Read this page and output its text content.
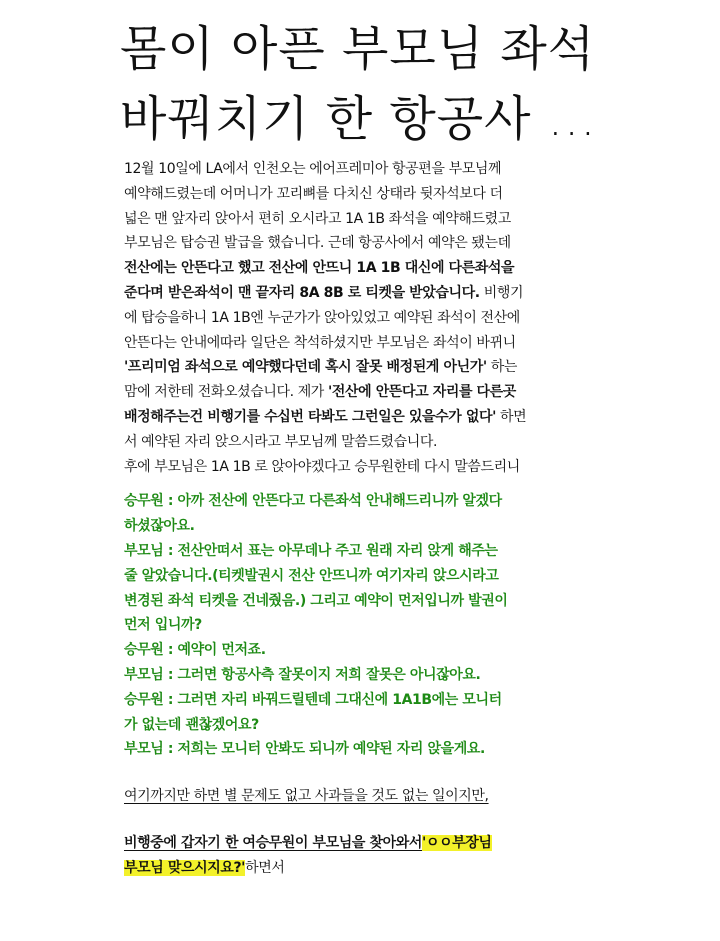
몸이 아픈 부모님 좌석
바꿔치기 한 항공사 ...
12월 10일에 LA에서 인천오는 에어프레미아 항공편을 부모님께
예약해드렸는데 어머니가 꼬리뼈를 다치신 상태라 뒷자석보다 더
넓은 맨 앞자리 앉아서 편히 오시라고 1A 1B 좌석을 예약해드렸고
부모님은 탑승권 발급을 했습니다. 근데 항공사에서 예약은 됐는데
전산에는 안뜬다고 했고 전산에 안뜨니 1A 1B 대신에 다른좌석을
준다며 받은좌석이 맨 끝자리 8A 8B 로 티켓을 받았습니다. 비행기
에 탑승을하니 1A 1B엔 누군가가 앉아있었고 예약된 좌석이 전산에
안뜬다는 안내에따라 일단은 착석하셨지만 부모님은 좌석이 바뀌니
'프리미엄 좌석으로 예약했다던데 혹시 잘못 배정된게 아닌가' 하는
맘에 저한테 전화오셨습니다. 제가 '전산에 안뜬다고 자리를 다른곳
배정해주는건 비행기를 수십번 타봐도 그런일은 있을수가 없다' 하면
서 예약된 자리 앉으시라고 부모님께 말씀드렸습니다.
후에 부모님은 1A 1B 로 앉아야겠다고 승무원한테 다시 말씀드리니
승무원 : 아까 전산에 안뜬다고 다른좌석 안내해드리니까 알겠다
하셨잖아요.
부모님 : 전산안떠서 표는 아무데나 주고 원래 자리 앉게 해주는
줄 알았습니다.(티켓발권시 전산 안뜨니까 여기자리 앉으시라고
변경된 좌석 티켓을 건네줬음.) 그리고 예약이 먼저입니까 발권이
먼저 입니까?
승무원 : 예약이 먼저죠.
부모님 : 그러면 항공사측 잘못이지 저희 잘못은 아니잖아요.
승무원 : 그러면 자리 바꿔드릴텐데 그대신에 1A1B에는 모니터
가 없는데 괜찮겠어요?
부모님 : 저희는 모니터 안봐도 되니까 예약된 자리 앉을게요.
여기까지만 하면 별 문제도 없고 사과들을 것도 없는 일이지만,
비행중에 갑자기 한 여승무원이 부모님을 찾아와서'ㅇㅇ부장님
부모님 맞으시지요?'하면서
